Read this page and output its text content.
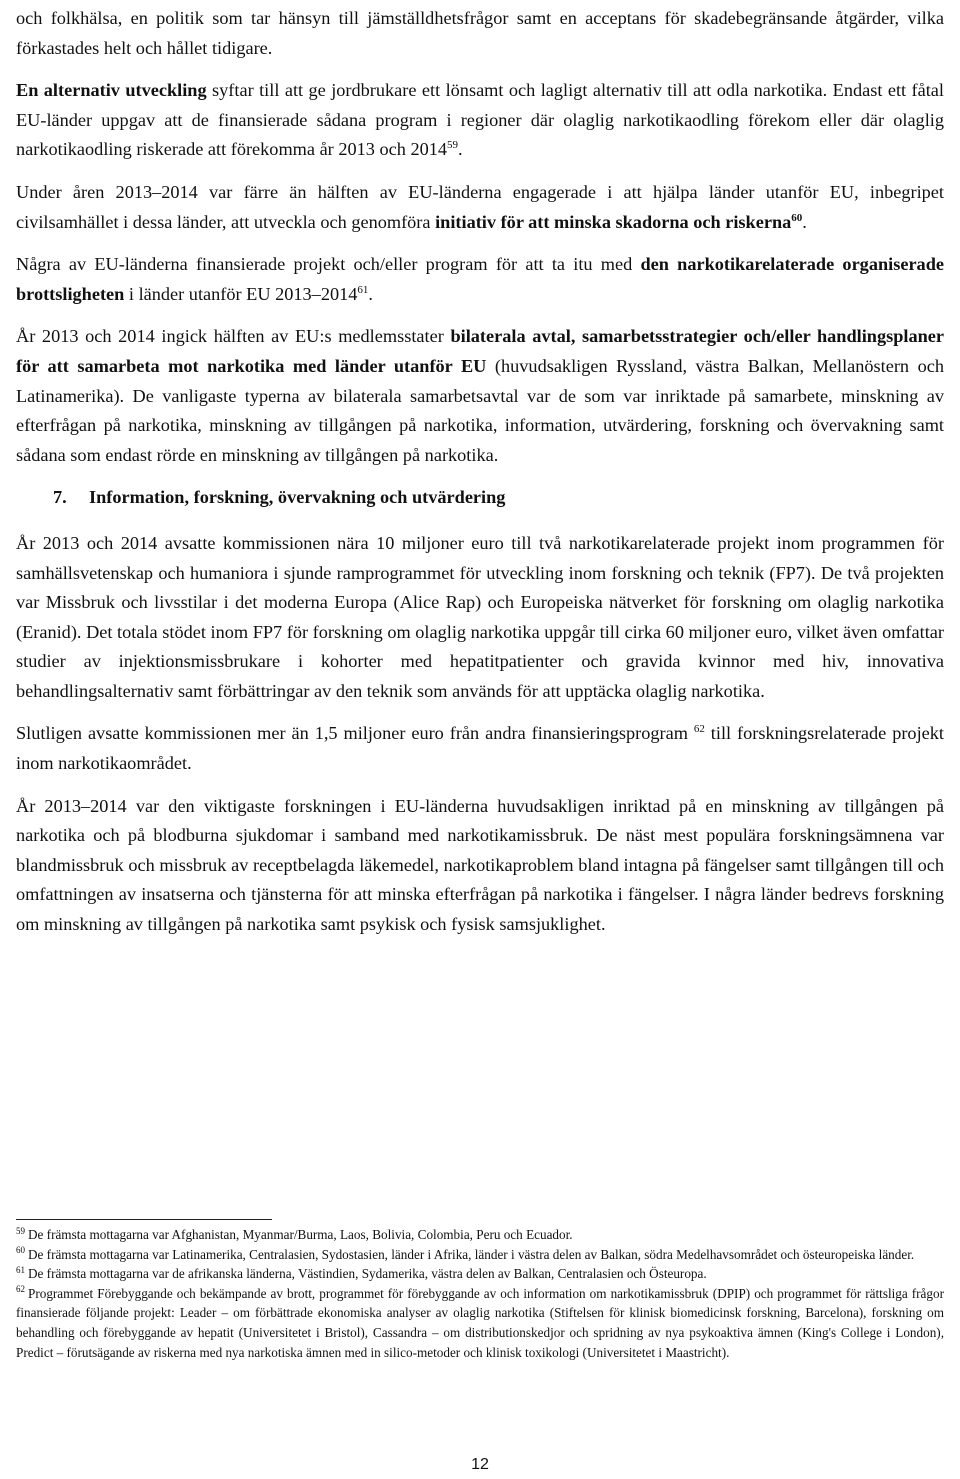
och folkhälsa, en politik som tar hänsyn till jämställdhetsfrågor samt en acceptans för skadebegränsande åtgärder, vilka förkastades helt och hållet tidigare.

En alternativ utveckling syftar till att ge jordbrukare ett lönsamt och lagligt alternativ till att odla narkotika. Endast ett fåtal EU-länder uppgav att de finansierade sådana program i regioner där olaglig narkotikaodling förekom eller där olaglig narkotikaodling riskerade att förekomma år 2013 och 2014$^{59}$.

Under åren 2013–2014 var färre än hälften av EU-länderna engagerade i att hjälpa länder utanför EU, inbegripet civilsamhället i dessa länder, att utveckla och genomföra initiativ för att minska skadorna och riskerna$^{60}$.

Några av EU-länderna finansierade projekt och/eller program för att ta itu med den narkotikarelaterade organiserade brottsligheten i länder utanför EU 2013–2014$^{61}$.

År 2013 och 2014 ingick hälften av EU:s medlemsstater bilaterala avtal, samarbetsstrategier och/eller handlingsplaner för att samarbeta mot narkotika med länder utanför EU (huvudsakligen Ryssland, västra Balkan, Mellanöstern och Latinamerika). De vanligaste typerna av bilaterala samarbetsavtal var de som var inriktade på samarbete, minskning av efterfrågan på narkotika, minskning av tillgången på narkotika, information, utvärdering, forskning och övervakning samt sådana som endast rörde en minskning av tillgången på narkotika.

7. Information, forskning, övervakning och utvärdering

År 2013 och 2014 avsatte kommissionen nära 10 miljoner euro till två narkotikarelaterade projekt inom programmen för samhällsvetenskap och humaniora i sjunde ramprogrammet för utveckling inom forskning och teknik (FP7). De två projekten var Missbruk och livsstilar i det moderna Europa (Alice Rap) och Europeiska nätverket för forskning om olaglig narkotika (Eranid). Det totala stödet inom FP7 för forskning om olaglig narkotika uppgår till cirka 60 miljoner euro, vilket även omfattar studier av injektionsmissbrukare i kohorter med hepatitpatienter och gravida kvinnor med hiv, innovativa behandlingsalternativ samt förbättringar av den teknik som används för att upptäcka olaglig narkotika.

Slutligen avsatte kommissionen mer än 1,5 miljoner euro från andra finansieringsprogram $^{62}$ till forskningsrelaterade projekt inom narkotikaområdet.

År 2013–2014 var den viktigaste forskningen i EU-länderna huvudsakligen inriktad på en minskning av tillgången på narkotika och på blodburna sjukdomar i samband med narkotikamissbruk. De näst mest populära forskningsämnena var blandmissbruk och missbruk av receptbelagda läkemedel, narkotikaproblem bland intagna på fängelser samt tillgången till och omfattningen av insatserna och tjänsterna för att minska efterfrågan på narkotika i fängelser. I några länder bedrevs forskning om minskning av tillgången på narkotika samt psykisk och fysisk samsjuklighet.

$^{59}$ De främsta mottagarna var Afghanistan, Myanmar/Burma, Laos, Bolivia, Colombia, Peru och Ecuador.

$^{60}$ De främsta mottagarna var Latinamerika, Centralasien, Sydostasien, länder i Afrika, länder i västra delen av Balkan, södra Medelhavsområdet och östeuropeiska länder.

$^{61}$ De främsta mottagarna var de afrikanska länderna, Västindien, Sydamerika, västra delen av Balkan, Centralasien och Östeuropa.

$^{62}$ Programmet Förebyggande och bekämpande av brott, programmet för förebyggande av och information om narkotikamissbruk (DPIP) och programmet för rättsliga frågor finansierade följande projekt: Leader – om förbättrade ekonomiska analyser av olaglig narkotika (Stiftelsen för klinisk biomedicinsk forskning, Barcelona), forskning om behandling och förebyggande av hepatit (Universitetet i Bristol), Cassandra – om distributionskedjor och spridning av nya psykoaktiva ämnen (King's College i London), Predict – förutsägande av riskerna med nya narkotiska ämnen med in silico-metoder och klinisk toxikologi (Universitetet i Maastricht).

12
